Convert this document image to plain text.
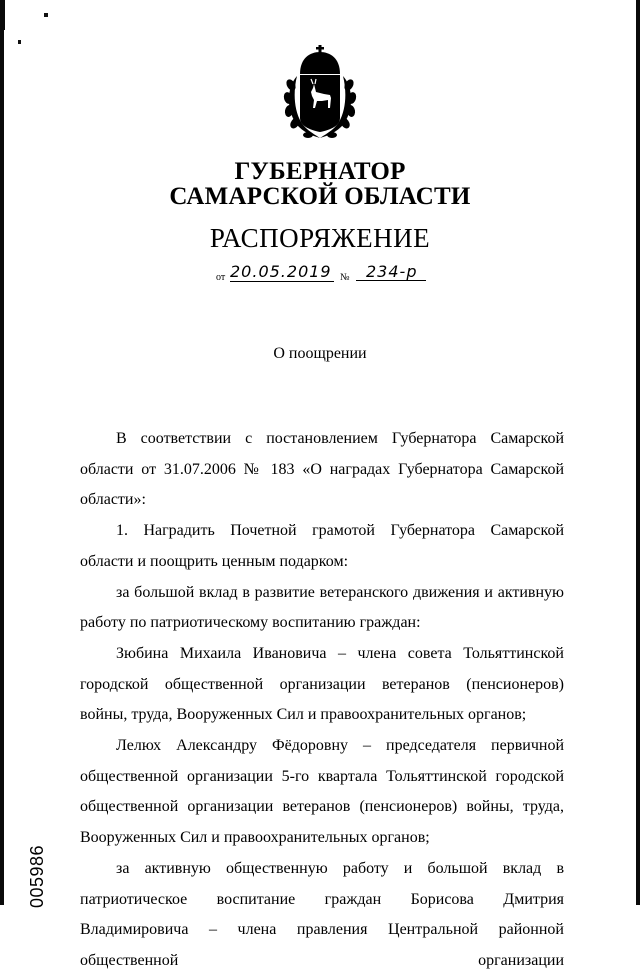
ГУБЕРНАТОР
САМАРСКОЙ ОБЛАСТИ
РАСПОРЯЖЕНИЕ
от 20.05.2019 №	234-р
О поощрении

В соответствии с постановлением Губернатора Самарской области от 31.07.2006 № 183 «О наградах Губернатора Самарской области»:

1. Наградить Почетной грамотой Губернатора Самарской области и поощрить ценным подарком:

за большой вклад в развитие ветеранского движения и активную работу по патриотическому воспитанию граждан:

Зюбина Михаила Ивановича – члена совета Тольяттинской городской общественной организации ветеранов (пенсионеров) войны, труда, Вооруженных Сил и правоохранительных органов;

Лелюх Александру Фёдоровну – председателя первичной общественной организации 5-го квартала Тольяттинской городской общественной организации ветеранов (пенсионеров) войны, труда, Вооруженных Сил и правоохранительных органов;

за активную общественную работу и большой вклад в патриотическое воспитание граждан Борисова Дмитрия Владимировича – члена правления Центральной районной общественной организации

005986
